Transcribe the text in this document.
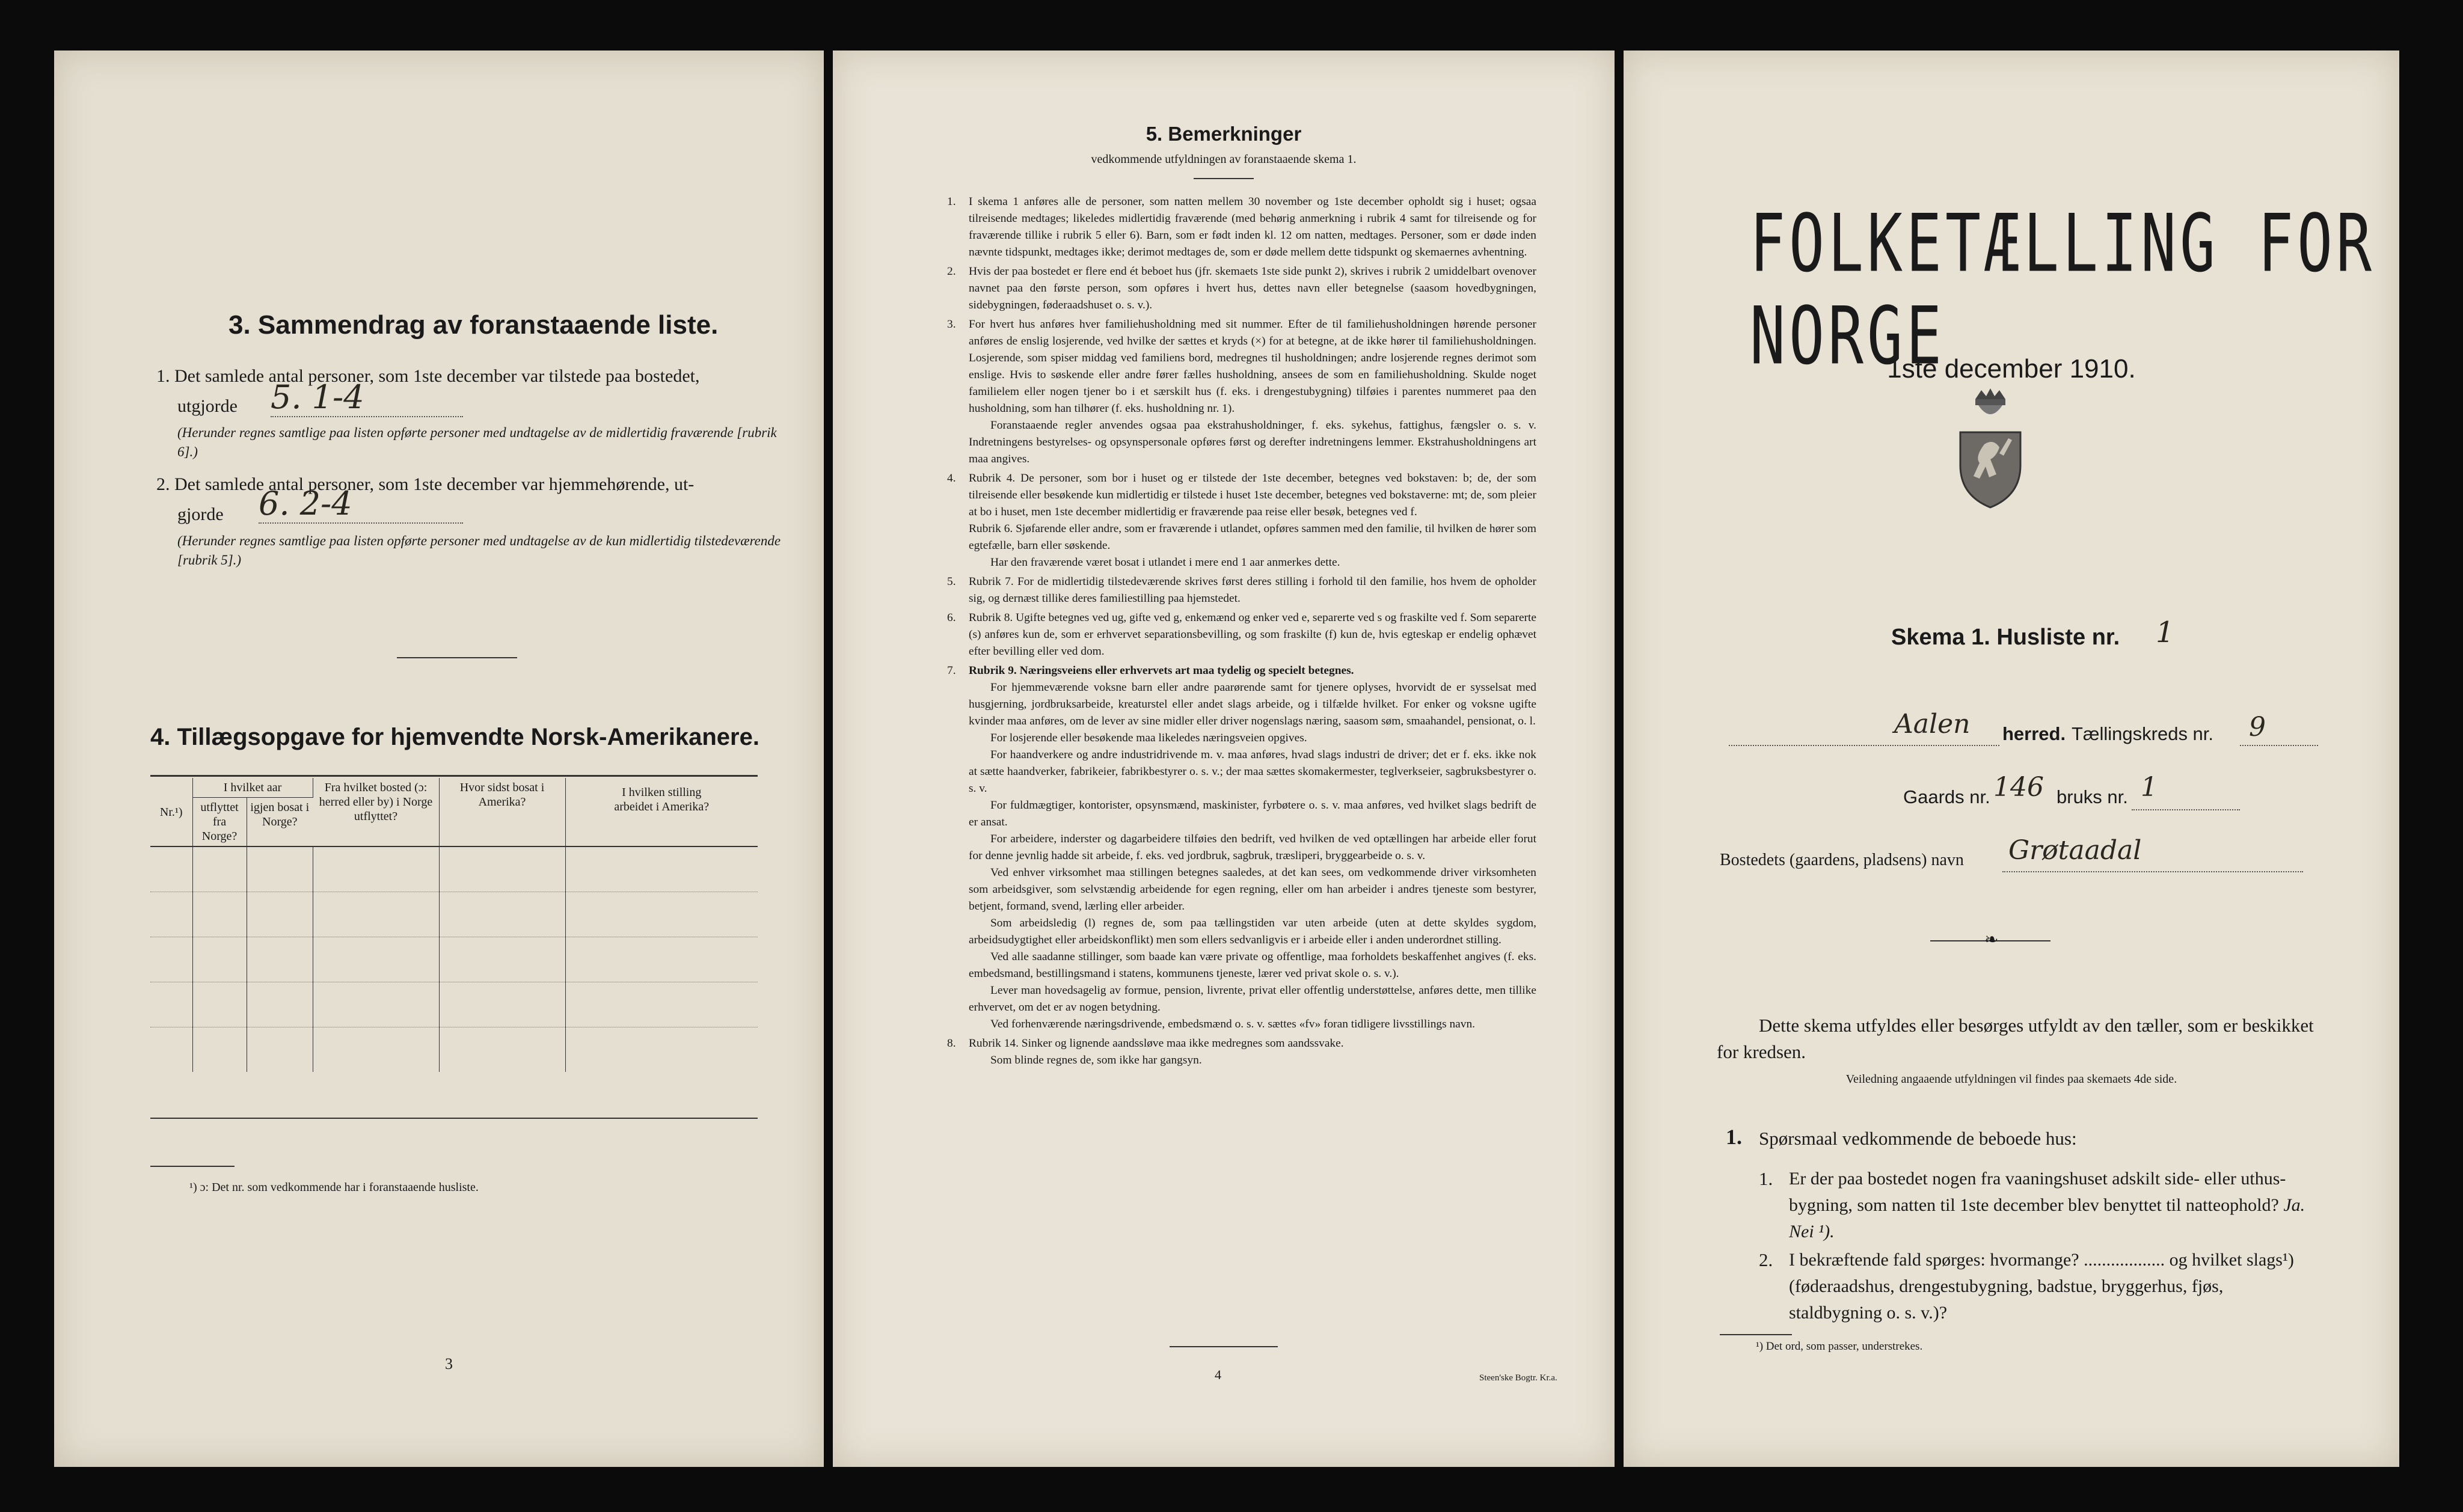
3. Sammendrag av foranstaaende liste.
1. Det samlede antal personer, som 1ste december var tilstede paa bostedet,
utgjorde 5. 1-4
(Herunder regnes samtlige paa listen opførte personer med undtagelse av de midlertidig fraværende [rubrik 6].)
2. Det samlede antal personer, som 1ste december var hjemmehørende, ut-
gjorde 6. 2-4
(Herunder regnes samtlige paa listen opførte personer med undtagelse av de kun midlertidig tilstedeværende [rubrik 5].)
4. Tillægsopgave for hjemvendte Norsk-Amerikanere.
Nr.¹)	I hvilket aar		Fra hvilket bosted (ɔ: herred eller by) i Norge utflyttet?	Hvor sidst bosat i Amerika?	I hvilken stilling arbeidet i Amerika?
	utflyttet fra Norge?	igjen bosat i Norge?			

¹) ɔ: Det nr. som vedkommende har i foranstaaende husliste.
3
5. Bemerkninger
vedkommende utfyldningen av foranstaaende skema 1.
1. I skema 1 anføres alle de personer, som natten mellem 30 november og 1ste december opholdt sig i huset; ogsaa tilreisende medtages; likeledes midlertidig fraværende (med behørig anmerkning i rubrik 4 samt for tilreisende og for fraværende tillike i rubrik 5 eller 6). Barn, som er født inden kl. 12 om natten, medtages. Personer, som er døde inden nævnte tidspunkt, medtages ikke; derimot medtages de, som er døde mellem dette tidspunkt og skemaernes avhentning.

2. Hvis der paa bostedet er flere end ét beboet hus (jfr. skemaets 1ste side punkt 2), skrives i rubrik 2 umiddelbart ovenover navnet paa den første person, som opføres i hvert hus, dettes navn eller betegnelse (saasom hovedbygningen, sidebygningen, føderaadshuset o. s. v.).

3. For hvert hus anføres hver familiehusholdning med sit nummer. Efter de til familiehusholdningen hørende personer anføres de enslig losjerende, ved hvilke der sættes et kryds (×) for at betegne, at de ikke hører til familiehusholdningen. Losjerende, som spiser middag ved familiens bord, medregnes til husholdningen; andre losjerende regnes derimot som enslige. Hvis to søskende eller andre fører fælles husholdning, ansees de som en familiehusholdning. Skulde noget familielem eller nogen tjener bo i et særskilt hus (f. eks. i drengestubygning) tilføies i parentes nummeret paa den husholdning, som han tilhører (f. eks. husholdning nr. 1).

Foranstaaende regler anvendes ogsaa paa ekstrahusholdninger, f. eks. sykehus, fattighus, fængsler o. s. v. Indretningens bestyrelses- og opsynspersonale opføres først og derefter indretningens lemmer. Ekstrahusholdningens art maa angives.

4. Rubrik 4. De personer, som bor i huset og er tilstede der 1ste december, betegnes ved bokstaven: b; de, der som tilreisende eller besøkende kun midlertidig er tilstede i huset 1ste december, betegnes ved bokstaverne: mt; de, som pleier at bo i huset, men 1ste december midlertidig er fraværende paa reise eller besøk, betegnes ved f.

Rubrik 6. Sjøfarende eller andre, som er fraværende i utlandet, opføres sammen med den familie, til hvilken de hører som egtefælle, barn eller søskende.

Har den fraværende været bosat i utlandet i mere end 1 aar anmerkes dette.

5. Rubrik 7. For de midlertidig tilstedeværende skrives først deres stilling i forhold til den familie, hos hvem de opholder sig, og dernæst tillike deres familiestilling paa hjemstedet.

6. Rubrik 8. Ugifte betegnes ved ug, gifte ved g, enkemænd og enker ved e, separerte ved s og fraskilte ved f. Som separerte (s) anføres kun de, som er erhvervet separationsbevilling, og som fraskilte (f) kun de, hvis egteskap er endelig ophævet efter bevilling eller ved dom.

7. Rubrik 9. Næringsveiens eller erhvervets art maa tydelig og specielt betegnes.

For hjemmeværende voksne barn eller andre paarørende samt for tjenere oplyses, hvorvidt de er sysselsat med husgjerning, jordbruksarbeide, kreaturstel eller andet slags arbeide, og i tilfælde hvilket. For enker og voksne ugifte kvinder maa anføres, om de lever av sine midler eller driver nogenslags næring, saasom søm, smaahandel, pensionat, o. l.

For losjerende eller besøkende maa likeledes næringsveien opgives.

For haandverkere og andre industridrivende m. v. maa anføres, hvad slags industri de driver; det er f. eks. ikke nok at sætte haandverker, fabrikeier, fabrikbestyrer o. s. v.; der maa sættes skomakermester, teglverkseier, sagbruksbestyrer o. s. v.

For fuldmægtiger, kontorister, opsynsmænd, maskinister, fyrbøtere o. s. v. maa anføres, ved hvilket slags bedrift de er ansat.

For arbeidere, inderster og dagarbeidere tilføies den bedrift, ved hvilken de ved optællingen har arbeide eller forut for denne jevnlig hadde sit arbeide, f. eks. ved jordbruk, sagbruk, træsliperi, bryggearbeide o. s. v.

Ved enhver virksomhet maa stillingen betegnes saaledes, at det kan sees, om vedkommende driver virksomheten som arbeidsgiver, som selvstændig arbeidende for egen regning, eller om han arbeider i andres tjeneste som bestyrer, betjent, formand, svend, lærling eller arbeider.

Som arbeidsledig (l) regnes de, som paa tællingstiden var uten arbeide (uten at dette skyldes sygdom, arbeidsudygtighet eller arbeidskonflikt) men som ellers sedvanligvis er i arbeide eller i anden underordnet stilling.

Ved alle saadanne stillinger, som baade kan være private og offentlige, maa forholdets beskaffenhet angives (f. eks. embedsmand, bestillingsmand i statens, kommunens tjeneste, lærer ved privat skole o. s. v.).

Lever man hovedsagelig av formue, pension, livrente, privat eller offentlig understøttelse, anføres dette, men tillike erhvervet, om det er av nogen betydning.

Ved forhenværende næringsdrivende, embedsmænd o. s. v. sættes «fv» foran tidligere livsstillings navn.

8. Rubrik 14. Sinker og lignende aandssløve maa ikke medregnes som aandssvake.

Som blinde regnes de, som ikke har gangsyn.

4	Steen'ske Bogtr. Kr.a.
FOLKETÆLLING FOR NORGE
1ste december 1910.
Skema 1. Husliste nr. 1
Aalen herred. Tællingskreds nr. 9
Gaards nr. 146 bruks nr. 1
Bostedets (gaardens, pladsens) navn Grøtaadal
❧
Dette skema utfyldes eller besørges utfyldt av den tæller, som er beskikket for kredsen.
Veiledning angaaende utfyldningen vil findes paa skemaets 4de side.
1. Spørsmaal vedkommende de beboede hus:
1. Er der paa bostedet nogen fra vaaningshuset adskilt side- eller uthus-bygning, som natten til 1ste december blev benyttet til natteophold? Ja. Nei ¹).
2. I bekræftende fald spørges: hvormange? .................. og hvilket slags¹) (føderaadshus, drengestubygning, badstue, bryggerhus, fjøs, staldbygning o. s. v.)?
¹) Det ord, som passer, understrekes.
